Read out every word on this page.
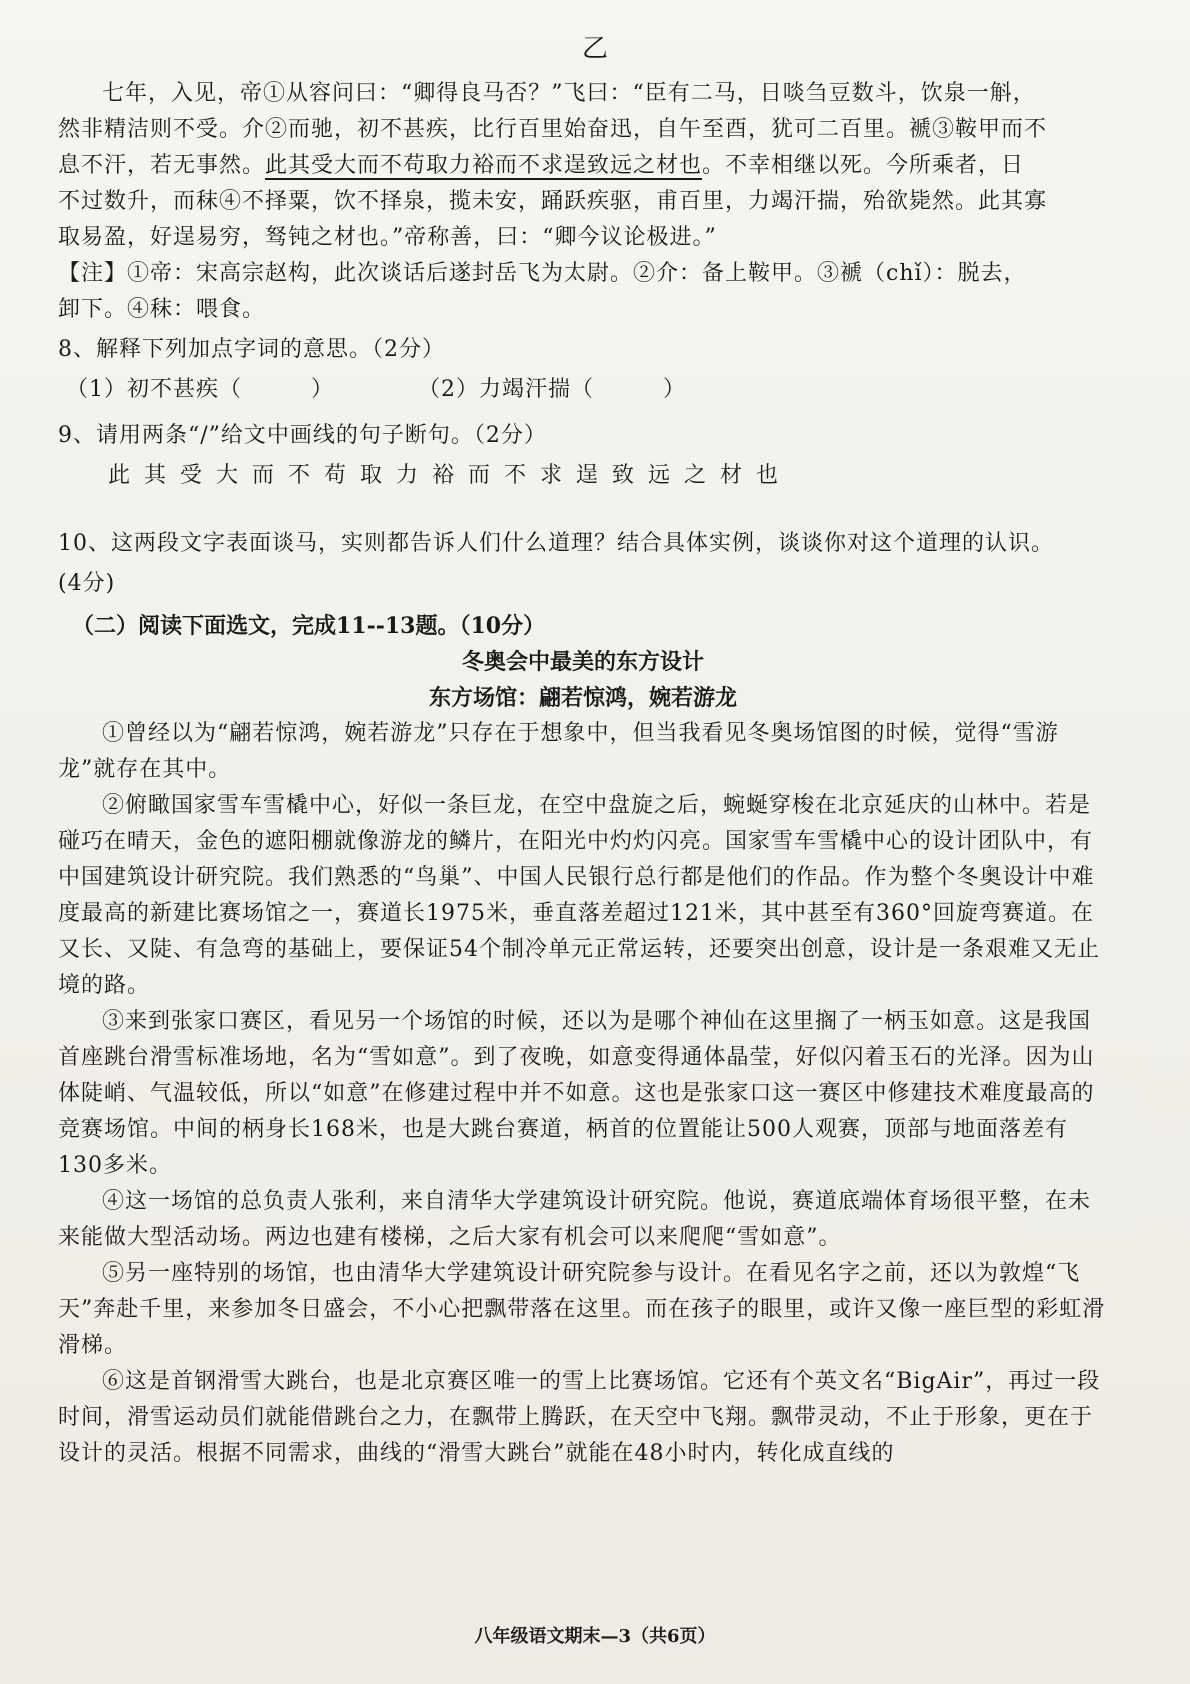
乙
七年，入见，帝①从容问曰：“卿得良马否？”飞曰：“臣有二马，日啖刍豆数斗，饮泉一斛，
然非精洁则不受。介②而驰，初不甚疾，比行百里始奋迅，自午至酉，犹可二百里。褫③鞍甲而不
息不汗，若无事然。此其受大而不苟取力裕而不求逞致远之材也。不幸相继以死。今所乘者，日
不过数升，而秣④不择粟，饮不择泉，揽未安，踊跃疾驱，甫百里，力竭汗揣，殆欲毙然。此其寡
取易盈，好逞易穷，驽钝之材也。”帝称善，曰：“卿今议论极进。”
【注】①帝：宋高宗赵构，此次谈话后遂封岳飞为太尉。②介：备上鞍甲。③褫（chǐ）：脱去，
卸下。④秣：喂食。
8、解释下列加点字词的意思。（2分）
（1）初不甚疾（　　　）	（2）力竭汗揣（　　　）
9、请用两条“/”给文中画线的句子断句。（2分）
此其受大而不苟取力裕而不求逞致远之材也
10、这两段文字表面谈马，实则都告诉人们什么道理？结合具体实例，谈谈你对这个道理的认识。
(4分)
（二）阅读下面选文，完成11--13题。（10分）
冬奥会中最美的东方设计
东方场馆：翩若惊鸿，婉若游龙

①曾经以为“翩若惊鸿，婉若游龙”只存在于想象中，但当我看见冬奥场馆图的时候，觉得“雪游龙”就存在其中。

②俯瞰国家雪车雪橇中心，好似一条巨龙，在空中盘旋之后，蜿蜒穿梭在北京延庆的山林中。若是碰巧在晴天，金色的遮阳棚就像游龙的鳞片，在阳光中灼灼闪亮。国家雪车雪橇中心的设计团队中，有中国建筑设计研究院。我们熟悉的“鸟巢”、中国人民银行总行都是他们的作品。作为整个冬奥设计中难度最高的新建比赛场馆之一，赛道长1975米，垂直落差超过121米，其中甚至有360°回旋弯赛道。在又长、又陡、有急弯的基础上，要保证54个制冷单元正常运转，还要突出创意，设计是一条艰难又无止境的路。

③来到张家口赛区，看见另一个场馆的时候，还以为是哪个神仙在这里搁了一柄玉如意。这是我国首座跳台滑雪标准场地，名为“雪如意”。到了夜晚，如意变得通体晶莹，好似闪着玉石的光泽。因为山体陡峭、气温较低，所以“如意”在修建过程中并不如意。这也是张家口这一赛区中修建技术难度最高的竞赛场馆。中间的柄身长168米，也是大跳台赛道，柄首的位置能让500人观赛，顶部与地面落差有130多米。

④这一场馆的总负责人张利，来自清华大学建筑设计研究院。他说，赛道底端体育场很平整，在未来能做大型活动场。两边也建有楼梯，之后大家有机会可以来爬爬“雪如意”。

⑤另一座特别的场馆，也由清华大学建筑设计研究院参与设计。在看见名字之前，还以为敦煌“飞天”奔赴千里，来参加冬日盛会，不小心把飘带落在这里。而在孩子的眼里，或许又像一座巨型的彩虹滑滑梯。

⑥这是首钢滑雪大跳台，也是北京赛区唯一的雪上比赛场馆。它还有个英文名“BigAir”，再过一段时间，滑雪运动员们就能借跳台之力，在飘带上腾跃，在天空中飞翔。飘带灵动，不止于形象，更在于设计的灵活。根据不同需求，曲线的“滑雪大跳台”就能在48小时内，转化成直线的

八年级语文期末—3（共6页）
